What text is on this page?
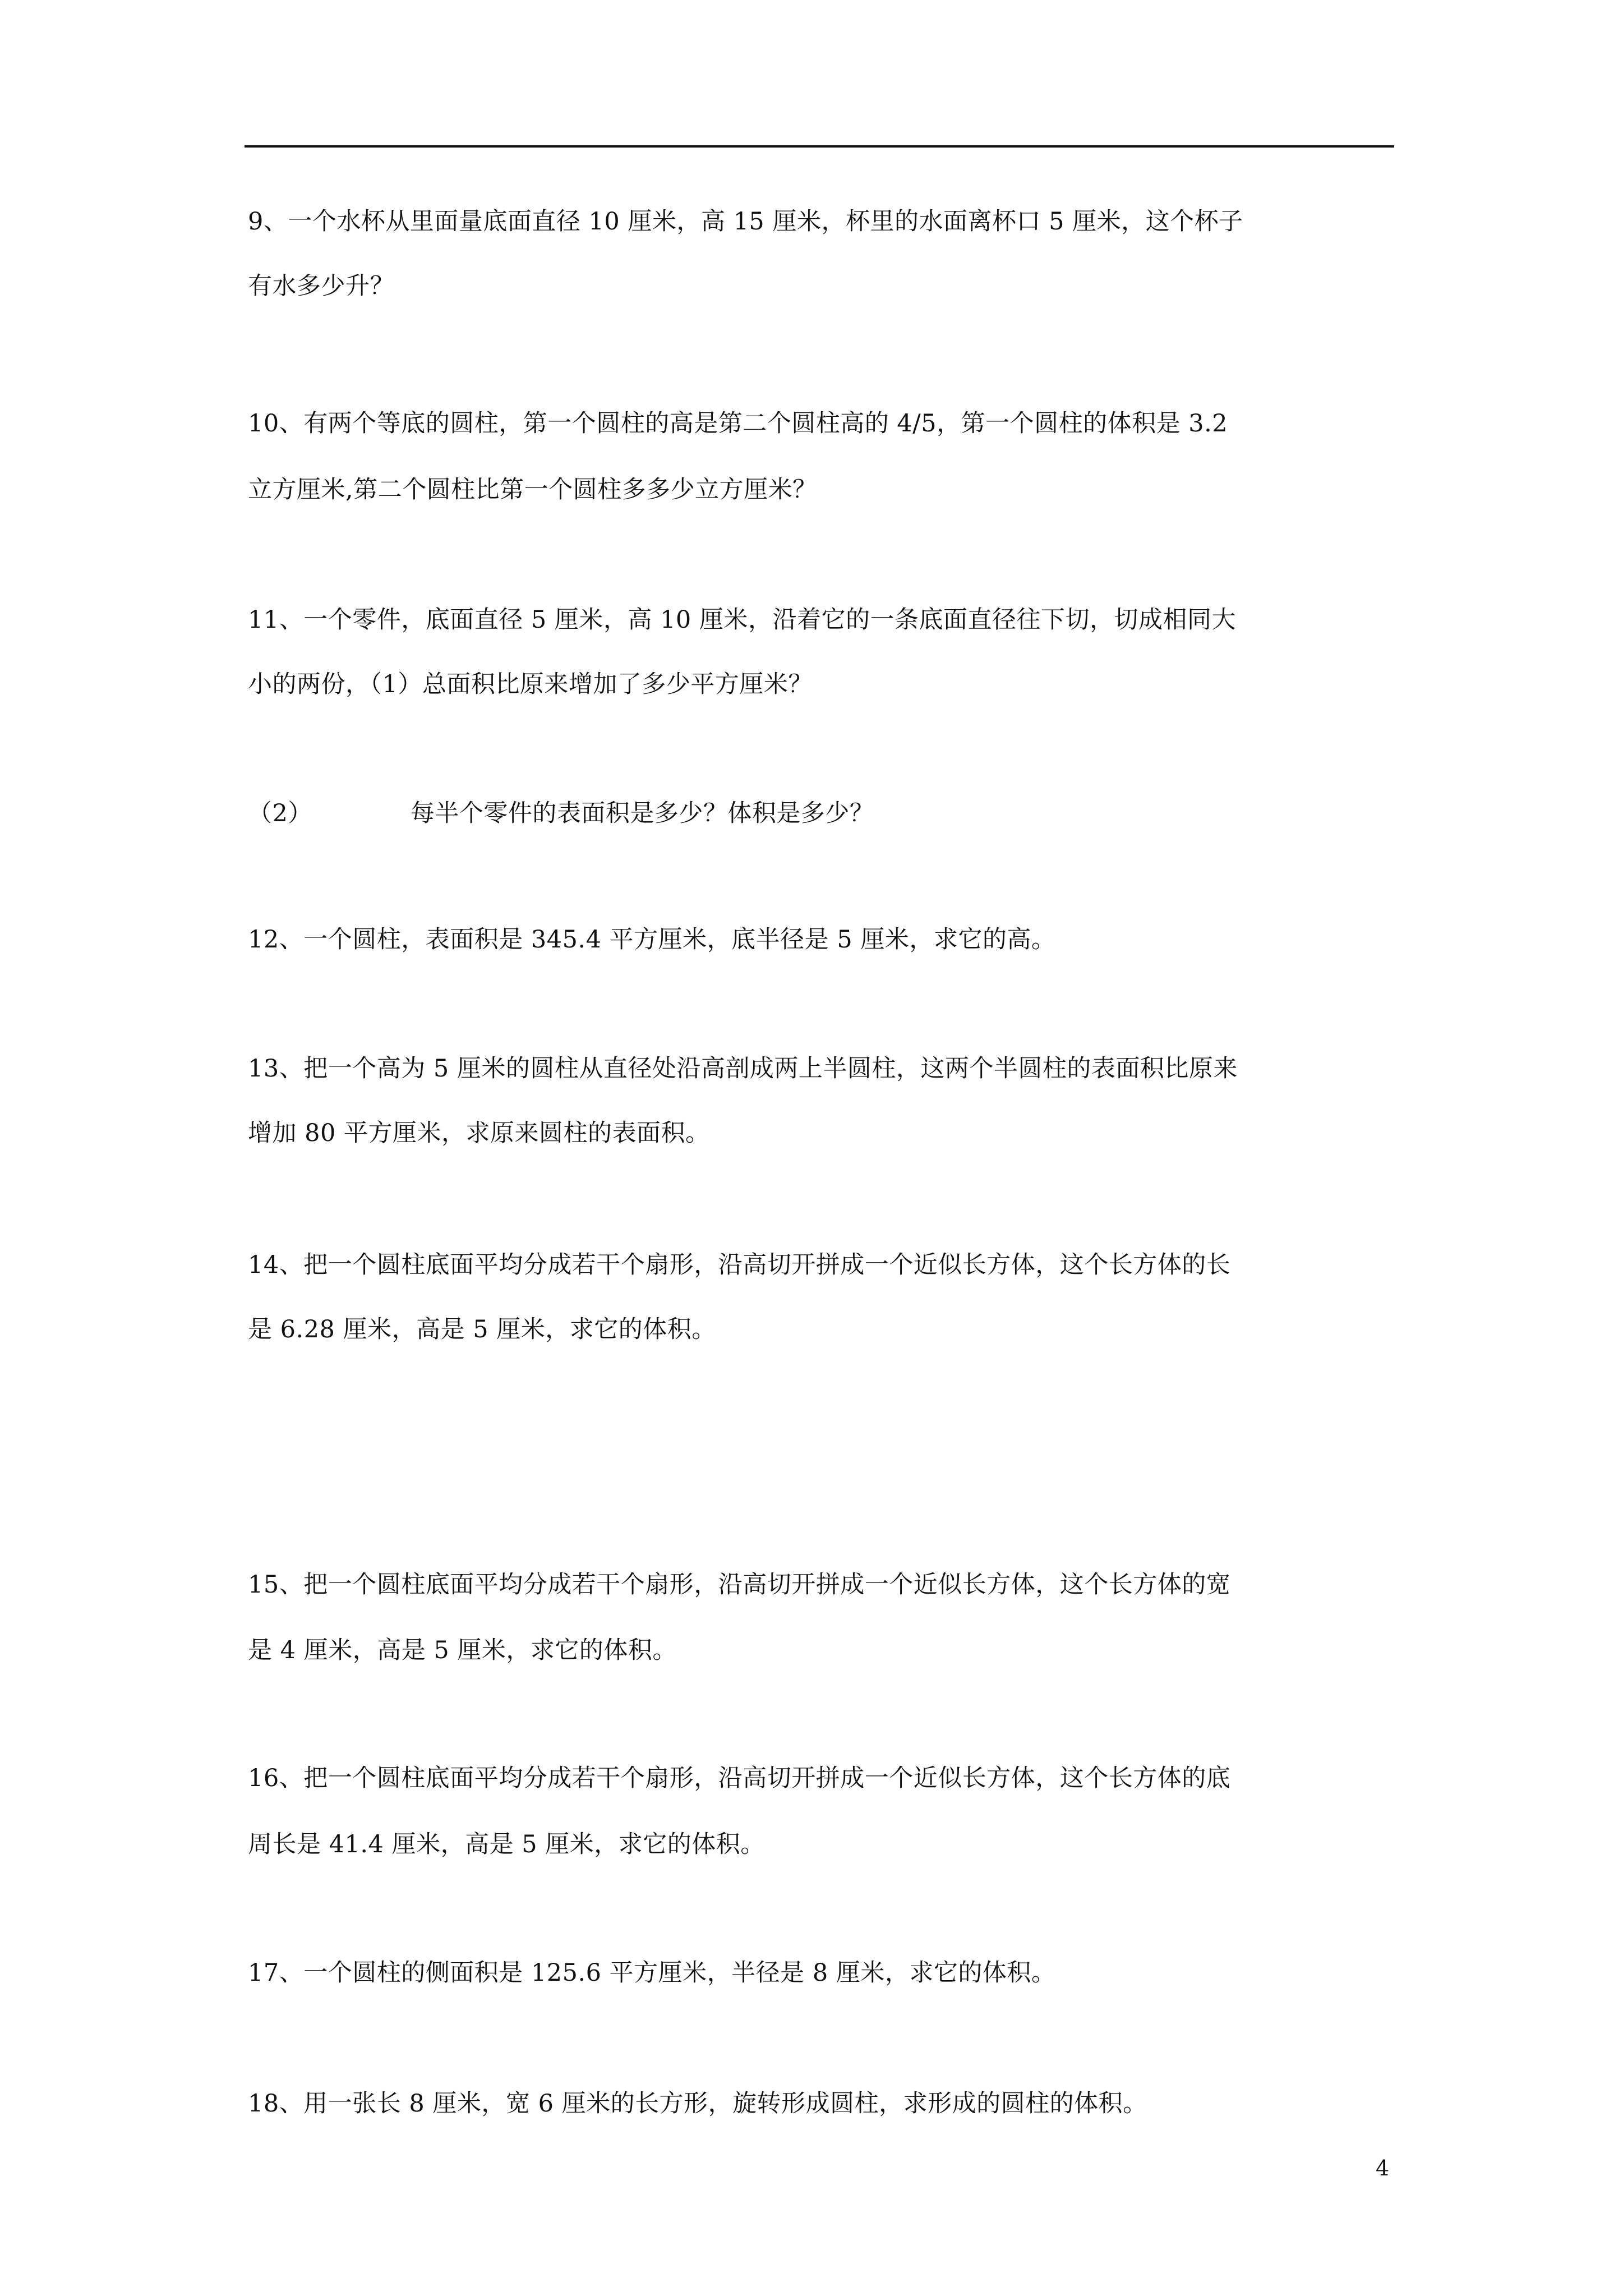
9、一个水杯从里面量底面直径 10 厘米，高 15 厘米，杯里的水面离杯口 5 厘米，这个杯子
有水多少升？
10、有两个等底的圆柱，第一个圆柱的高是第二个圆柱高的 4/5，第一个圆柱的体积是 3.2
立方厘米,第二个圆柱比第一个圆柱多多少立方厘米？
11、一个零件，底面直径 5 厘米，高 10 厘米，沿着它的一条底面直径往下切，切成相同大
小的两份，（1）总面积比原来增加了多少平方厘米？
（2）	每半个零件的表面积是多少？体积是多少？
12、一个圆柱，表面积是 345.4 平方厘米，底半径是 5 厘米，求它的高。
13、把一个高为 5 厘米的圆柱从直径处沿高剖成两上半圆柱，这两个半圆柱的表面积比原来
增加 80 平方厘米，求原来圆柱的表面积。
14、把一个圆柱底面平均分成若干个扇形，沿高切开拼成一个近似长方体，这个长方体的长
是 6.28 厘米，高是 5 厘米，求它的体积。
15、把一个圆柱底面平均分成若干个扇形，沿高切开拼成一个近似长方体，这个长方体的宽
是 4 厘米，高是 5 厘米，求它的体积。
16、把一个圆柱底面平均分成若干个扇形，沿高切开拼成一个近似长方体，这个长方体的底
周长是 41.4 厘米，高是 5 厘米，求它的体积。
17、一个圆柱的侧面积是 125.6 平方厘米，半径是 8 厘米，求它的体积。
18、用一张长 8 厘米，宽 6 厘米的长方形，旋转形成圆柱，求形成的圆柱的体积。
4
